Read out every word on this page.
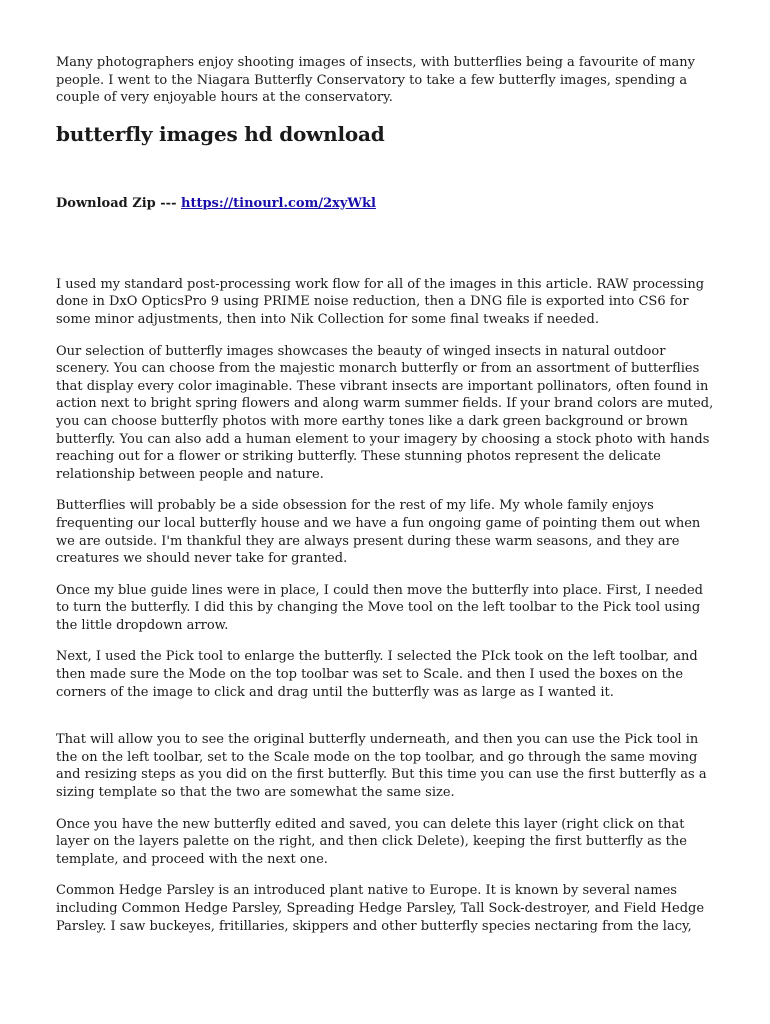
Many photographers enjoy shooting images of insects, with butterflies being a favourite of many people. I went to the Niagara Butterfly Conservatory to take a few butterfly images, spending a couple of very enjoyable hours at the conservatory.

butterfly images hd download
Download Zip --- https://tinourl.com/2xyWkl

I used my standard post-processing work flow for all of the images in this article. RAW processing done in DxO OpticsPro 9 using PRIME noise reduction, then a DNG file is exported into CS6 for some minor adjustments, then into Nik Collection for some final tweaks if needed.

Our selection of butterfly images showcases the beauty of winged insects in natural outdoor scenery. You can choose from the majestic monarch butterfly or from an assortment of butterflies that display every color imaginable. These vibrant insects are important pollinators, often found in action next to bright spring flowers and along warm summer fields. If your brand colors are muted, you can choose butterfly photos with more earthy tones like a dark green background or brown butterfly. You can also add a human element to your imagery by choosing a stock photo with hands reaching out for a flower or striking butterfly. These stunning photos represent the delicate relationship between people and nature.

Butterflies will probably be a side obsession for the rest of my life. My whole family enjoys frequenting our local butterfly house and we have a fun ongoing game of pointing them out when we are outside. I'm thankful they are always present during these warm seasons, and they are creatures we should never take for granted.

Once my blue guide lines were in place, I could then move the butterfly into place. First, I needed to turn the butterfly. I did this by changing the Move tool on the left toolbar to the Pick tool using the little dropdown arrow.

Next, I used the Pick tool to enlarge the butterfly. I selected the PIck took on the left toolbar, and then made sure the Mode on the top toolbar was set to Scale. and then I used the boxes on the corners of the image to click and drag until the butterfly was as large as I wanted it.

That will allow you to see the original butterfly underneath, and then you can use the Pick tool in the on the left toolbar, set to the Scale mode on the top toolbar, and go through the same moving and resizing steps as you did on the first butterfly. But this time you can use the first butterfly as a sizing template so that the two are somewhat the same size.

Once you have the new butterfly edited and saved, you can delete this layer (right click on that layer on the layers palette on the right, and then click Delete), keeping the first butterfly as the template, and proceed with the next one.

Common Hedge Parsley is an introduced plant native to Europe. It is known by several names including Common Hedge Parsley, Spreading Hedge Parsley, Tall Sock-destroyer, and Field Hedge Parsley. I saw buckeyes, fritillaries, skippers and other butterfly species nectaring from the lacy,
